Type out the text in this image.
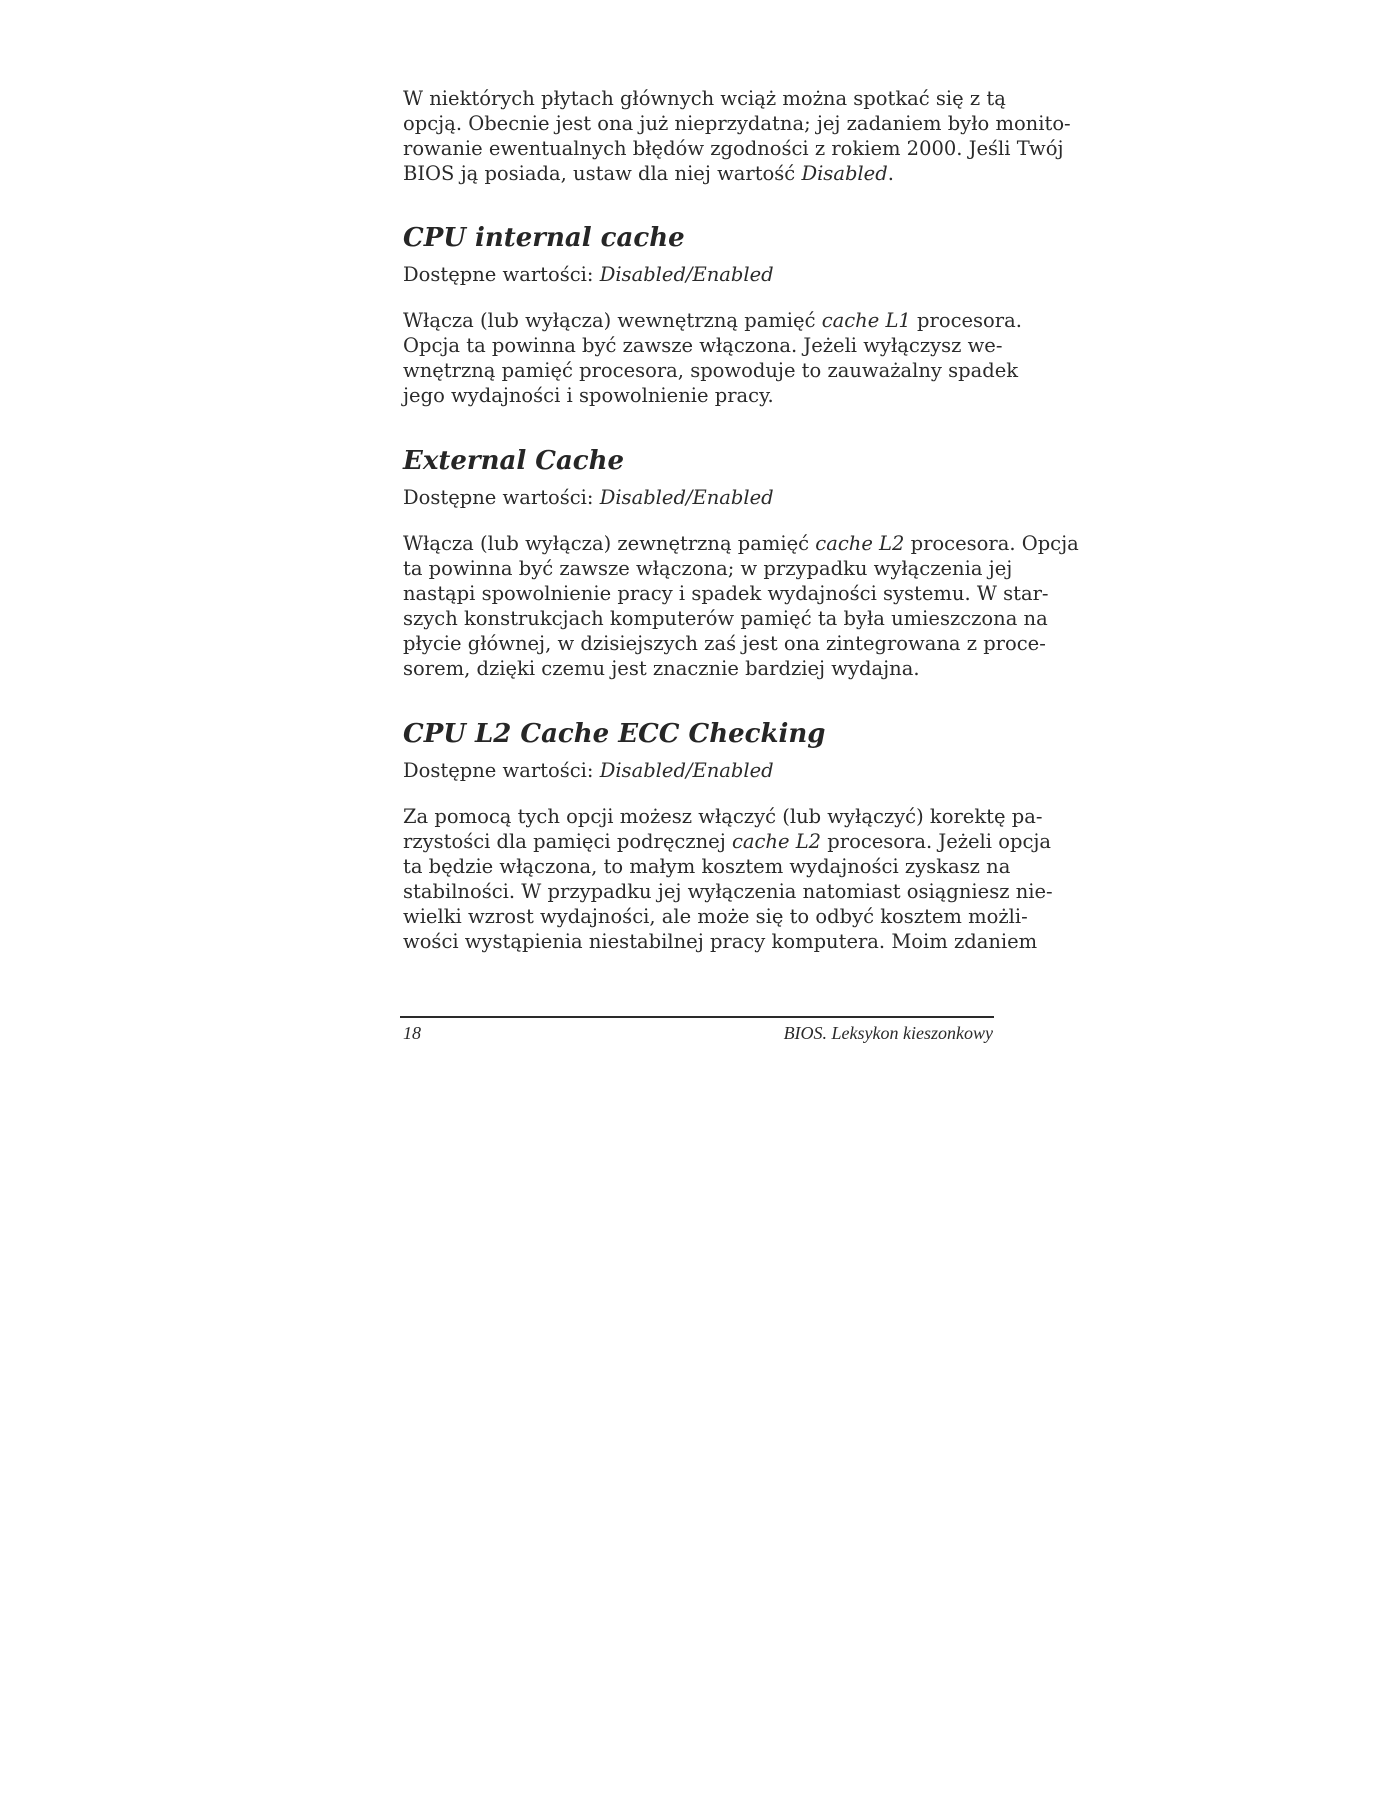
W niektórych płytach głównych wciąż można spotkać się z tą
opcją. Obecnie jest ona już nieprzydatna; jej zadaniem było monito-
rowanie ewentualnych błędów zgodności z rokiem 2000. Jeśli Twój
BIOS ją posiada, ustaw dla niej wartość Disabled.

CPU internal cache

Dostępne wartości: Disabled/Enabled

Włącza (lub wyłącza) wewnętrzną pamięć cache L1 procesora.
Opcja ta powinna być zawsze włączona. Jeżeli wyłączysz we-
wnętrzną pamięć procesora, spowoduje to zauważalny spadek
jego wydajności i spowolnienie pracy.

External Cache

Dostępne wartości: Disabled/Enabled

Włącza (lub wyłącza) zewnętrzną pamięć cache L2 procesora. Opcja
ta powinna być zawsze włączona; w przypadku wyłączenia jej
nastąpi spowolnienie pracy i spadek wydajności systemu. W star-
szych konstrukcjach komputerów pamięć ta była umieszczona na
płycie głównej, w dzisiejszych zaś jest ona zintegrowana z proce-
sorem, dzięki czemu jest znacznie bardziej wydajna.

CPU L2 Cache ECC Checking

Dostępne wartości: Disabled/Enabled

Za pomocą tych opcji możesz włączyć (lub wyłączyć) korektę pa-
rzystości dla pamięci podręcznej cache L2 procesora. Jeżeli opcja
ta będzie włączona, to małym kosztem wydajności zyskasz na
stabilności. W przypadku jej wyłączenia natomiast osiągniesz nie-
wielki wzrost wydajności, ale może się to odbyć kosztem możli-
wości wystąpienia niestabilnej pracy komputera. Moim zdaniem

18	BIOS. Leksykon kieszonkowy
